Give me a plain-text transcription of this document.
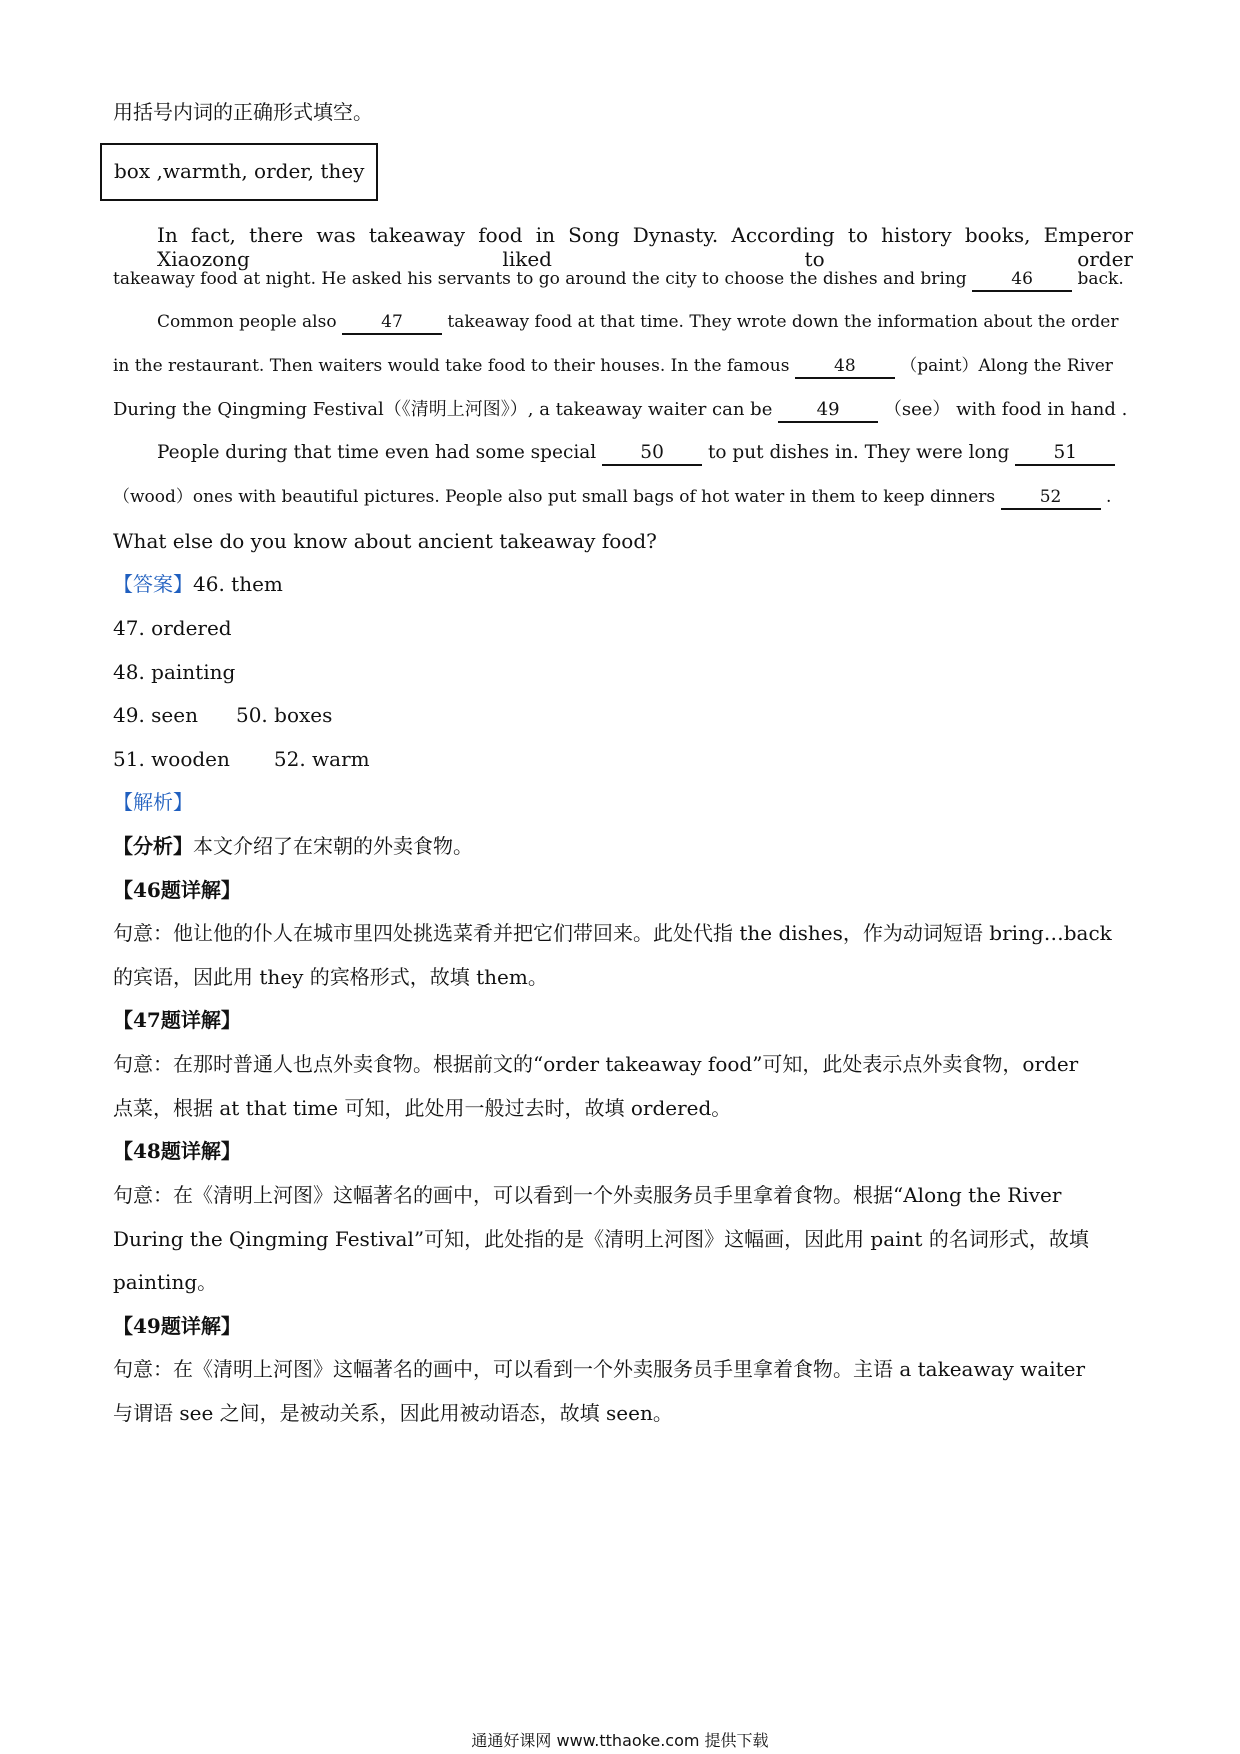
用括号内词的正确形式填空。
box ,warmth, order, they
In fact, there was takeaway food in Song Dynasty. According to history books, Emperor Xiaozong liked to order
takeaway food at night. He asked his servants to go around the city to choose the dishes and bring	46	back.
Common people also	47	takeaway food at that time. They wrote down the information about the order
in the restaurant. Then waiters would take food to their houses. In the famous	48	（paint）Along the River
During the Qingming Festival（《清明上河图》）, a takeaway waiter can be 49 （see） with food in hand .
People during that time even had some special 50 to put dishes in. They were long 51
（wood）ones with beautiful pictures. People also put small bags of hot water in them to keep dinners	52	.
What else do you know about ancient takeaway food?
【答案】46. them
47. ordered
48. painting
49. seen 50. boxes
51. wooden 52. warm
【解析】
【分析】本文介绍了在宋朝的外卖食物。
【46题详解】
句意：他让他的仆人在城市里四处挑选菜肴并把它们带回来。此处代指 the dishes，作为动词短语 bring…back
的宾语，因此用 they 的宾格形式，故填 them。
【47题详解】
句意：在那时普通人也点外卖食物。根据前文的“order takeaway food”可知，此处表示点外卖食物，order
点菜，根据 at that time 可知，此处用一般过去时，故填 ordered。
【48题详解】
句意：在《清明上河图》这幅著名的画中，可以看到一个外卖服务员手里拿着食物。根据“Along the River
During the Qingming Festival”可知，此处指的是《清明上河图》这幅画，因此用 paint 的名词形式，故填
painting。
【49题详解】
句意：在《清明上河图》这幅著名的画中，可以看到一个外卖服务员手里拿着食物。主语 a takeaway waiter
与谓语 see 之间，是被动关系，因此用被动语态，故填 seen。
通通好课网 www.tthaoke.com 提供下载
